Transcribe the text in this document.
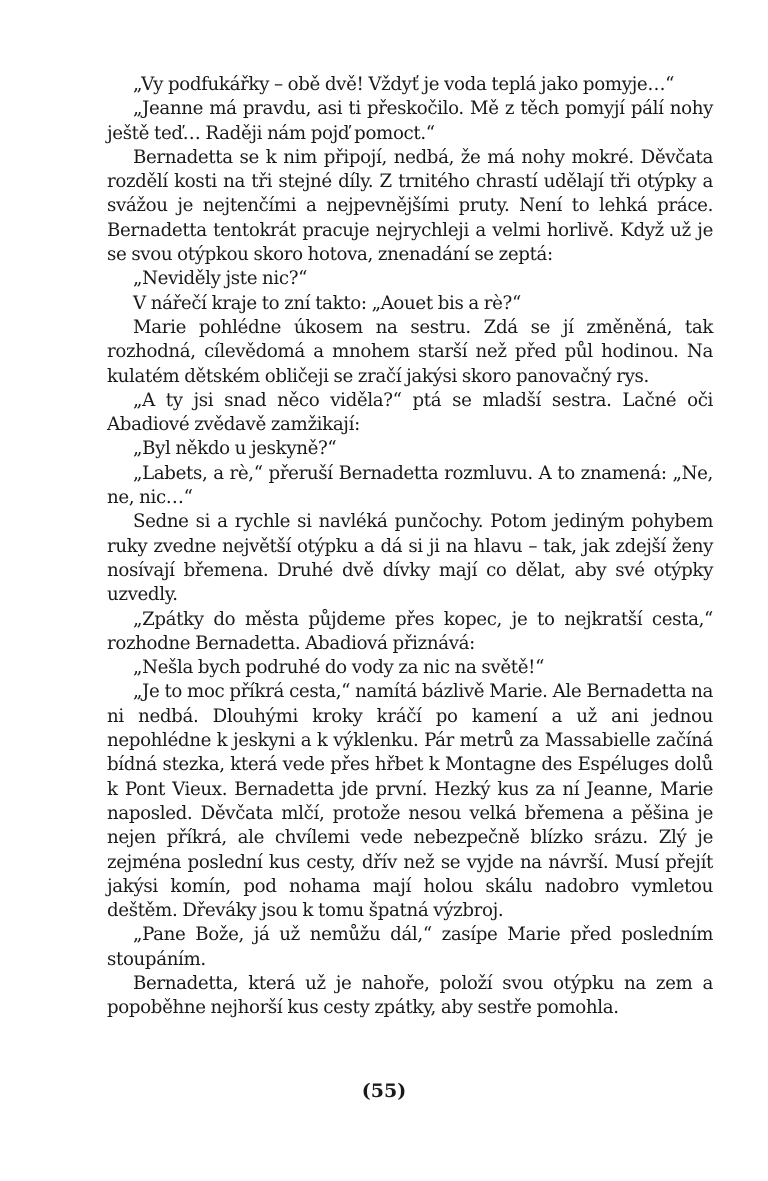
„Vy podfukářky – obě dvě! Vždyť je voda teplá jako pomyje…“

„Jeanne má pravdu, asi ti přeskočilo. Mě z těch pomyjí pálí nohy ještě teď… Raději nám pojď pomoct.“

Bernadetta se k nim připojí, nedbá, že má nohy mokré. Děvčata rozdělí kosti na tři stejné díly. Z trnitého chrastí udělají tři otýpky a svážou je nejtenčími a nejpevnějšími pruty. Není to lehká práce. Bernadetta tentokrát pracuje nejrychleji a velmi horlivě. Když už je se svou otýpkou skoro hotova, znenadání se zeptá:

„Neviděly jste nic?“

V nářečí kraje to zní takto: „Aouet bis a rè?“

Marie pohlédne úkosem na sestru. Zdá se jí změněná, tak rozhodná, cílevědomá a mnohem starší než před půl hodinou. Na kulatém dětském obličeji se zračí jakýsi skoro panovačný rys.

„A ty jsi snad něco viděla?“ ptá se mladší sestra. Lačné oči Abadiové zvědavě zamžikají:

„Byl někdo u jeskyně?“

„Labets, a rè,“ přeruší Bernadetta rozmluvu. A to znamená: „Ne, ne, nic…“

Sedne si a rychle si navléká punčochy. Potom jediným pohybem ruky zvedne největší otýpku a dá si ji na hlavu – tak, jak zdejší ženy nosívají břemena. Druhé dvě dívky mají co dělat, aby své otýpky uzvedly.

„Zpátky do města půjdeme přes kopec, je to nejkratší cesta,“ rozhodne Bernadetta. Abadiová přiznává:

„Nešla bych podruhé do vody za nic na světě!“

„Je to moc příkrá cesta,“ namítá bázlivě Marie. Ale Bernadetta na ni nedbá. Dlouhými kroky kráčí po kamení a už ani jednou nepohlédne k jeskyni a k výklenku. Pár metrů za Massabielle začíná bídná stezka, která vede přes hřbet k Montagne des Espéluges dolů k Pont Vieux. Bernadetta jde první. Hezký kus za ní Jeanne, Marie naposled. Děvčata mlčí, protože nesou velká břemena a pěšina je nejen příkrá, ale chvílemi vede nebezpečně blízko srázu. Zlý je zejména poslední kus cesty, dřív než se vyjde na návrší. Musí přejít jakýsi komín, pod nohama mají holou skálu nadobro vymletou deštěm. Dřeváky jsou k tomu špatná výzbroj.

„Pane Bože, já už nemůžu dál,“ zasípe Marie před posledním stoupáním.

Bernadetta, která už je nahoře, položí svou otýpku na zem a popoběhne nejhorší kus cesty zpátky, aby sestře pomohla.

(55)
